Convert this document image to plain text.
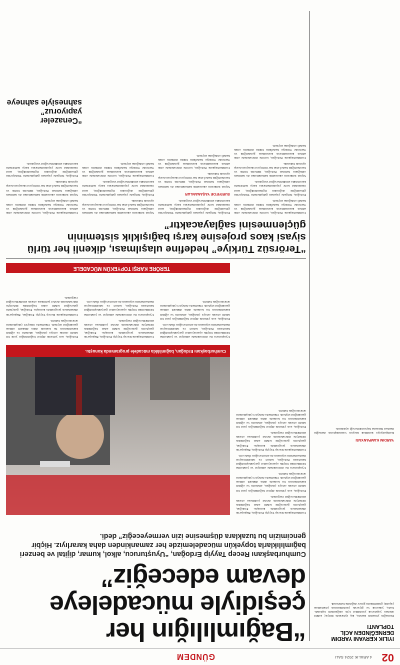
02
GÜNDEM	4 ARALIK 2024 SALI
İYİLİK KERVANI YARDIM DERNEĞİNDEN ACİL TOPLANTI
Derneğin yönetim kurulu, kış aylarında ihtiyaç sahibi ailelere yapılacak yardımlar için olağanüstü toplandı. Gıda, yakacak ve giyecek yardımlarının planlaması yapıldı; gönüllülerin görev dağılımı belirlendi.
YARDIM KAMPANYASI
Kampanyaya katılmak isteyen vatandaşların derneğin merkez binasına başvurabileceği açıklandı.
“Bağımlılığın her çeşidiyle mücadeleye devam edeceğiz”
Cumhurbaşkanı Recep Tayyip Erdoğan, “Uyuşturucu, alkol, kumar, dijital ve benzeri bağımlılıklarla topyekûn mücadelemizde her zamankinden daha kararlıyız. Hiçbir gencimizin bu tuzaklara düşmesine izin vermeyeceğiz” dedi.

Cumhurbaşkanı Recep Tayyip Erdoğan, Beştepe'de düzenlenen programda konuştu. Erdoğan, gençlerin geleceğini tehdit eden bağımlılık türleriyle mücadelenin devlet politikası olarak sürdürüleceğini vurguladı.

Erdoğan, son yıllarda dijital bağımlılığın yeni bir tehdit olarak ortaya çıktığını, ailelerin ve eğitim kurumlarının bu konuda daha dikkatli olması gerektiğini söyledi. Okullarda önleyici çalışmaların artırılacağını belirtti.

Uyuşturucu ile mücadelede emniyet ve jandarma birimlerinin büyük operasyonlar gerçekleştirdiğini hatırlatan Erdoğan, tedavi ve rehabilitasyon merkezlerinin sayısının da artırılacağını ifade etti.

Cumhurbaşkanı Recep Tayyip Erdoğan, Beştepe'de düzenlenen programda konuştu. Erdoğan, gençlerin geleceğini tehdit eden bağımlılık türleriyle mücadelenin devlet politikası olarak sürdürüleceğini vurguladı.

Erdoğan, son yıllarda dijital bağımlılığın yeni bir tehdit olarak ortaya çıktığını, ailelerin ve eğitim kurumlarının bu konuda daha dikkatli olması gerektiğini söyledi. Okullarda önleyici çalışmaların artırılacağını belirtti.

Cumhurbaşkanı Erdoğan, bağımlılıkla mücadele programında konuştu.

Uyuşturucu ile mücadelede emniyet ve jandarma birimlerinin büyük operasyonlar gerçekleştirdiğini hatırlatan Erdoğan, tedavi ve rehabilitasyon merkezlerinin sayısının da artırılacağını ifade etti.

Erdoğan, son yıllarda dijital bağımlılığın yeni bir tehdit olarak ortaya çıktığını, ailelerin ve eğitim kurumlarının bu konuda daha dikkatli olması gerektiğini söyledi. Okullarda önleyici çalışmaların artırılacağını belirtti.

Cumhurbaşkanı Recep Tayyip Erdoğan, Beştepe'de düzenlenen programda konuştu. Erdoğan, gençlerin geleceğini tehdit eden bağımlılık türleriyle mücadelenin devlet politikası olarak sürdürüleceğini vurguladı.

Uyuşturucu ile mücadelede emniyet ve jandarma birimlerinin büyük operasyonlar gerçekleştirdiğini hatırlatan Erdoğan, tedavi ve rehabilitasyon merkezlerinin sayısının da artırılacağını ifade etti.

Erdoğan, son yıllarda dijital bağımlılığın yeni bir tehdit olarak ortaya çıktığını, ailelerin ve eğitim kurumlarının bu konuda daha dikkatli olması gerektiğini söyledi. Okullarda önleyici çalışmaların artırılacağını belirtti.

Cumhurbaşkanı Recep Tayyip Erdoğan, Beştepe'de düzenlenen programda konuştu. Erdoğan, gençlerin geleceğini tehdit eden bağımlılık türleriyle mücadelenin devlet politikası olarak sürdürüleceğini vurguladı.

TERÖRE KARŞI TOPYEKÛN MÜCADELE
“Terörsüz Türkiye” hedefine ulaşılması, dikenli her türlü siyasi kaos projesine karşı bağışıklık sisteminin güçlenmesini sağlayacaktır”

Cumhurbaşkanı Erdoğan, terörle mücadelede elde edilen kazanımların korunması gerektiğini ve Terörsüz Türkiye hedefinin bütün milletin ortak hedefi olduğunu söyledi.

Erdoğan, bölgede yaşanan gelişmelerin Türkiye'nin güvenliğini doğrudan ilgilendirdiğini, sınır ötesindeki terör yapılanmalarına karşı tedbirlerin kararlılıkla sürdürüleceğini vurguladı.

Siyasi istikrarın ekonomik kalkınmanın da teminatı olduğunu belirten Erdoğan, milletin birlik ve beraberliğini hedef alan her türlü provokasyona karşı uyarıda bulundu.

Cumhurbaşkanı Erdoğan, terörle mücadelede elde edilen kazanımların korunması gerektiğini ve Terörsüz Türkiye hedefinin bütün milletin ortak hedefi olduğunu söyledi.

Erdoğan, bölgede yaşanan gelişmelerin Türkiye'nin güvenliğini doğrudan ilgilendirdiğini, sınır ötesindeki terör yapılanmalarına karşı tedbirlerin kararlılıkla sürdürüleceğini vurguladı.

SURİYE'DE YAŞANANLAR

Siyasi istikrarın ekonomik kalkınmanın da teminatı olduğunu belirten Erdoğan, milletin birlik ve beraberliğini hedef alan her türlü provokasyona karşı uyarıda bulundu.

Cumhurbaşkanı Erdoğan, terörle mücadelede elde edilen kazanımların korunması gerektiğini ve Terörsüz Türkiye hedefinin bütün milletin ortak hedefi olduğunu söyledi.

Siyasi istikrarın ekonomik kalkınmanın da teminatı olduğunu belirten Erdoğan, milletin birlik ve beraberliğini hedef alan her türlü provokasyona karşı uyarıda bulundu.

Erdoğan, bölgede yaşanan gelişmelerin Türkiye'nin güvenliğini doğrudan ilgilendirdiğini, sınır ötesindeki terör yapılanmalarına karşı tedbirlerin kararlılıkla sürdürüleceğini vurguladı.

Cumhurbaşkanı Erdoğan, terörle mücadelede elde edilen kazanımların korunması gerektiğini ve Terörsüz Türkiye hedefinin bütün milletin ortak hedefi olduğunu söyledi.

Cumhurbaşkanı Erdoğan, terörle mücadelede elde edilen kazanımların korunması gerektiğini ve Terörsüz Türkiye hedefinin bütün milletin ortak hedefi olduğunu söyledi.

Siyasi istikrarın ekonomik kalkınmanın da teminatı olduğunu belirten Erdoğan, milletin birlik ve beraberliğini hedef alan her türlü provokasyona karşı uyarıda bulundu.

Erdoğan, bölgede yaşanan gelişmelerin Türkiye'nin güvenliğini doğrudan ilgilendirdiğini, sınır ötesindeki terör yapılanmalarına karşı tedbirlerin kararlılıkla sürdürüleceğini vurguladı.

“Cenazeler yapıyoruz” sahnesiyle sahneye
